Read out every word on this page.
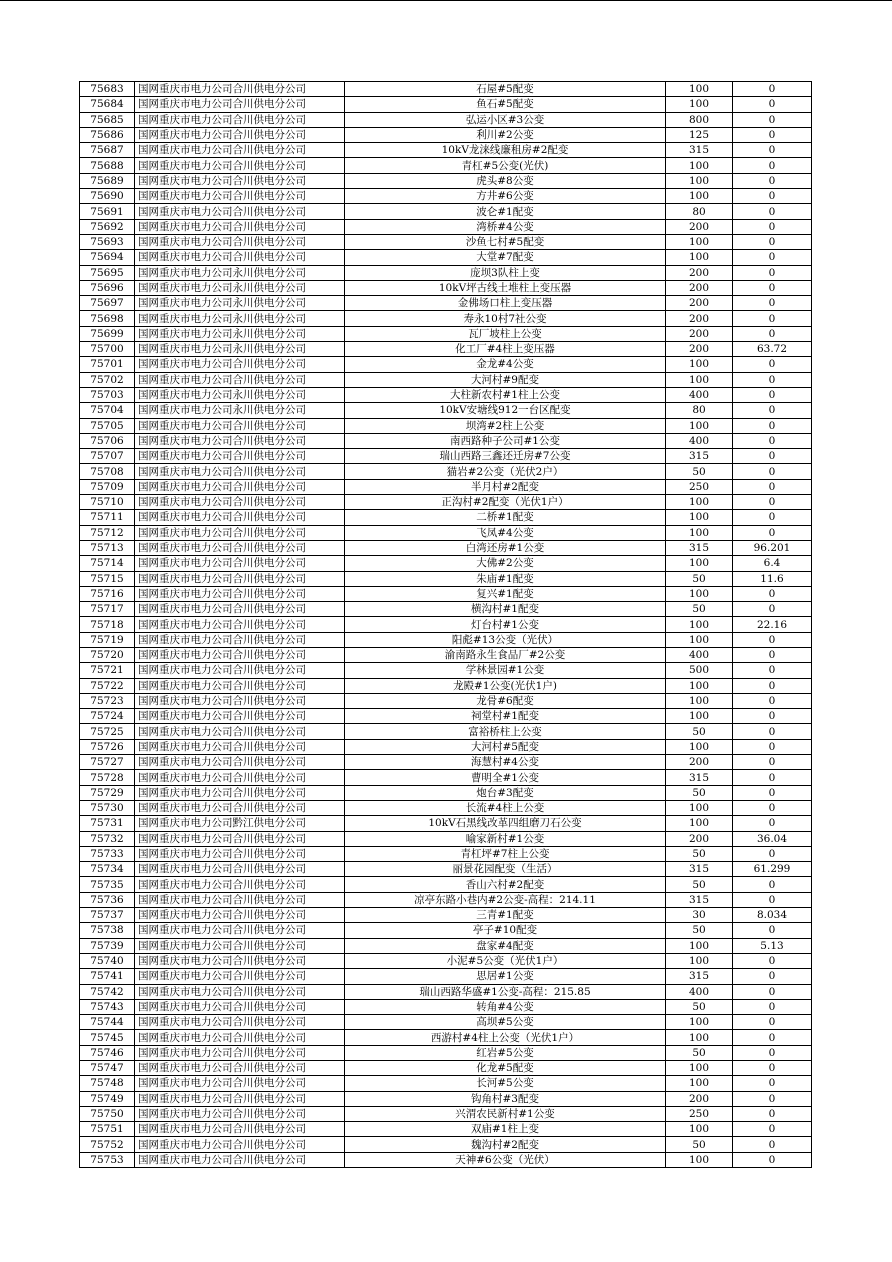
75683	国网重庆市电力公司合川供电分公司	石屋#5配变	100	0
75684	国网重庆市电力公司合川供电分公司	鱼石#5配变	100	0
75685	国网重庆市电力公司合川供电分公司	弘运小区#3公变	800	0
75686	国网重庆市电力公司合川供电分公司	利川#2公变	125	0
75687	国网重庆市电力公司合川供电分公司	10kV龙涞线廉租房#2配变	315	0
75688	国网重庆市电力公司合川供电分公司	青杠#5公变(光伏)	100	0
75689	国网重庆市电力公司合川供电分公司	虎头#8公变	100	0
75690	国网重庆市电力公司合川供电分公司	方井#6公变	100	0
75691	国网重庆市电力公司合川供电分公司	波仑#1配变	80	0
75692	国网重庆市电力公司合川供电分公司	湾桥#4公变	200	0
75693	国网重庆市电力公司合川供电分公司	沙鱼七村#5配变	100	0
75694	国网重庆市电力公司合川供电分公司	大堂#7配变	100	0
75695	国网重庆市电力公司永川供电分公司	庞坝3队柱上变	200	0
75696	国网重庆市电力公司永川供电分公司	10kV坪古线土堆柱上变压器	200	0
75697	国网重庆市电力公司永川供电分公司	金佛场口柱上变压器	200	0
75698	国网重庆市电力公司永川供电分公司	寿永10村7社公变	200	0
75699	国网重庆市电力公司永川供电分公司	瓦厂坡柱上公变	200	0
75700	国网重庆市电力公司永川供电分公司	化工厂#4柱上变压器	200	63.72
75701	国网重庆市电力公司合川供电分公司	金龙#4公变	100	0
75702	国网重庆市电力公司合川供电分公司	大河村#9配变	100	0
75703	国网重庆市电力公司永川供电分公司	大柱新农村#1柱上公变	400	0
75704	国网重庆市电力公司永川供电分公司	10kV安塘线912一台区配变	80	0
75705	国网重庆市电力公司合川供电分公司	坝湾#2柱上公变	100	0
75706	国网重庆市电力公司合川供电分公司	南西路种子公司#1公变	400	0
75707	国网重庆市电力公司合川供电分公司	瑞山西路三鑫还迁房#7公变	315	0
75708	国网重庆市电力公司合川供电分公司	猫岩#2公变（光伏2户）	50	0
75709	国网重庆市电力公司合川供电分公司	半月村#2配变	250	0
75710	国网重庆市电力公司合川供电分公司	正沟村#2配变（光伏1户）	100	0
75711	国网重庆市电力公司合川供电分公司	二桥#1配变	100	0
75712	国网重庆市电力公司合川供电分公司	飞凤#4公变	100	0
75713	国网重庆市电力公司合川供电分公司	白湾还房#1公变	315	96.201
75714	国网重庆市电力公司合川供电分公司	大佛#2公变	100	6.4
75715	国网重庆市电力公司合川供电分公司	朱庙#1配变	50	11.6
75716	国网重庆市电力公司合川供电分公司	复兴#1配变	100	0
75717	国网重庆市电力公司合川供电分公司	横沟村#1配变	50	0
75718	国网重庆市电力公司合川供电分公司	灯台村#1公变	100	22.16
75719	国网重庆市电力公司合川供电分公司	阳彪#13公变（光伏）	100	0
75720	国网重庆市电力公司合川供电分公司	渝南路永生食品厂#2公变	400	0
75721	国网重庆市电力公司合川供电分公司	学林景园#1公变	500	0
75722	国网重庆市电力公司合川供电分公司	龙殿#1公变(光伏1户)	100	0
75723	国网重庆市电力公司合川供电分公司	龙骨#6配变	100	0
75724	国网重庆市电力公司合川供电分公司	祠堂村#1配变	100	0
75725	国网重庆市电力公司合川供电分公司	富裕桥柱上公变	50	0
75726	国网重庆市电力公司合川供电分公司	大河村#5配变	100	0
75727	国网重庆市电力公司合川供电分公司	海慧村#4公变	200	0
75728	国网重庆市电力公司合川供电分公司	曹明全#1公变	315	0
75729	国网重庆市电力公司合川供电分公司	炮台#3配变	50	0
75730	国网重庆市电力公司合川供电分公司	长流#4柱上公变	100	0
75731	国网重庆市电力公司黔江供电分公司	10kV石黑线改革四组磨刀石公变	100	0
75732	国网重庆市电力公司合川供电分公司	喻家新村#1公变	200	36.04
75733	国网重庆市电力公司合川供电分公司	青杠坪#7柱上公变	50	0
75734	国网重庆市电力公司合川供电分公司	丽景花园配变（生活）	315	61.299
75735	国网重庆市电力公司合川供电分公司	香山六村#2配变	50	0
75736	国网重庆市电力公司合川供电分公司	凉亭东路小巷内#2公变-高程：214.11	315	0
75737	国网重庆市电力公司合川供电分公司	三青#1配变	30	8.034
75738	国网重庆市电力公司合川供电分公司	亭子#10配变	50	0
75739	国网重庆市电力公司合川供电分公司	盘家#4配变	100	5.13
75740	国网重庆市电力公司合川供电分公司	小泥#5公变（光伏1户）	100	0
75741	国网重庆市电力公司合川供电分公司	思居#1公变	315	0
75742	国网重庆市电力公司合川供电分公司	瑞山西路华盛#1公变-高程：215.85	400	0
75743	国网重庆市电力公司合川供电分公司	转角#4公变	50	0
75744	国网重庆市电力公司合川供电分公司	高坝#5公变	100	0
75745	国网重庆市电力公司合川供电分公司	西游村#4柱上公变（光伏1户）	100	0
75746	国网重庆市电力公司合川供电分公司	红岩#5公变	50	0
75747	国网重庆市电力公司合川供电分公司	化龙#5配变	100	0
75748	国网重庆市电力公司合川供电分公司	长河#5公变	100	0
75749	国网重庆市电力公司合川供电分公司	钩角村#3配变	200	0
75750	国网重庆市电力公司合川供电分公司	兴渭农民新村#1公变	250	0
75751	国网重庆市电力公司合川供电分公司	双庙#1柱上变	100	0
75752	国网重庆市电力公司合川供电分公司	魏沟村#2配变	50	0
75753	国网重庆市电力公司合川供电分公司	天神#6公变（光伏）	100	0
